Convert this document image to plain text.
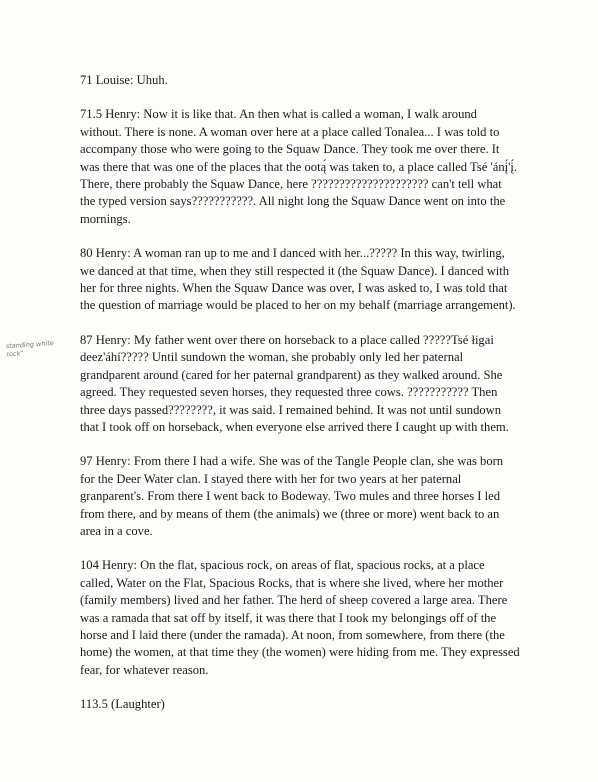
standing white rock"

71 Louise: Uhuh.

71.5 Henry: Now it is like that. An then what is called a woman, I walk around without. There is none. A woman over here at a place called Tonalea... I was told to accompany those who were going to the Squaw Dance. They took me over there. It was there that was one of the places that the ootą́ was taken to, a place called Tsé 'ánį́'į́. There, there probably the Squaw Dance, here ????????????????????? can't tell what the typed version says???????????. All night long the Squaw Dance went on into the mornings.

80 Henry: A woman ran up to me and I danced with her...????? In this way, twirling, we danced at that time, when they still respected it (the Squaw Dance). I danced with her for three nights. When the Squaw Dance was over, I was asked to, I was told that the question of marriage would be placed to her on my behalf (marriage arrangement).

87 Henry: My father went over there on horseback to a place called ?????Tsé łigai deez'áhí????? Until sundown the woman, she probably only led her paternal grandparent around (cared for her paternal grandparent) as they walked around. She agreed. They requested seven horses, they requested three cows. ??????????? Then three days passed????????, it was said. I remained behind. It was not until sundown that I took off on horseback, when everyone else arrived there I caught up with them.

97 Henry: From there I had a wife. She was of the Tangle People clan, she was born for the Deer Water clan. I stayed there with her for two years at her paternal granparent's. From there I went back to Bodeway. Two mules and three horses I led from there, and by means of them (the animals) we (three or more) went back to an area in a cove.

104 Henry: On the flat, spacious rock, on areas of flat, spacious rocks, at a place called, Water on the Flat, Spacious Rocks, that is where she lived, where her mother (family members) lived and her father. The herd of sheep covered a large area. There was a ramada that sat off by itself, it was there that I took my belongings off of the horse and I laid there (under the ramada). At noon, from somewhere, from there (the home) the women, at that time they (the women) were hiding from me. They expressed fear, for whatever reason.

113.5 (Laughter)
